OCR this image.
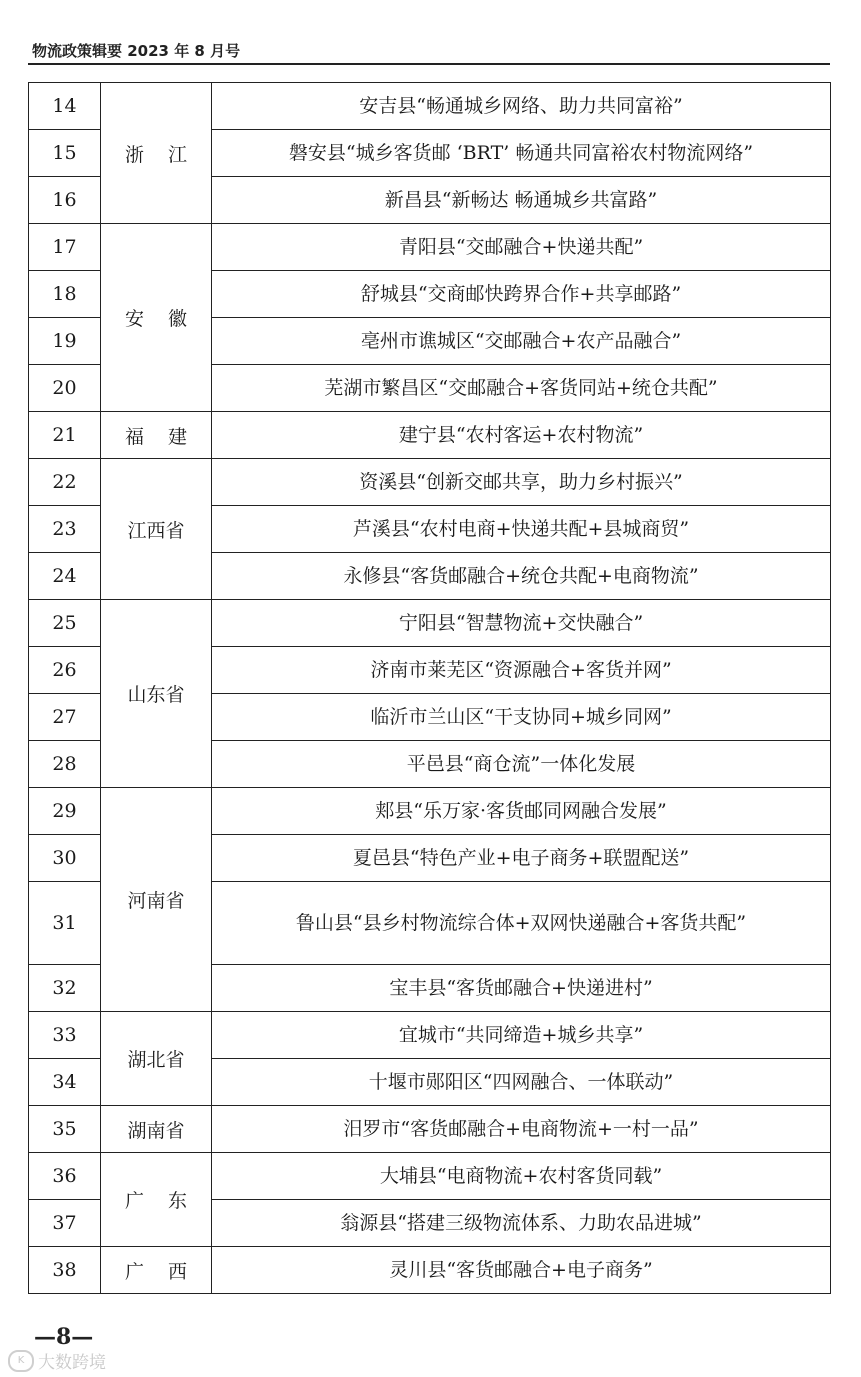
物流政策辑要 2023 年 8 月号
14	浙 江	安吉县“畅通城乡网络、助力共同富裕”
15		磐安县“城乡客货邮 ‘BRT’ 畅通共同富裕农村物流网络”
16		新昌县“新畅达 畅通城乡共富路”
17	安 徽	青阳县“交邮融合+快递共配”
18		舒城县“交商邮快跨界合作+共享邮路”
19		亳州市谯城区“交邮融合+农产品融合”
20		芜湖市繁昌区“交邮融合+客货同站+统仓共配”
21	福 建	建宁县“农村客运+农村物流”
22	江西省	资溪县“创新交邮共享，助力乡村振兴”
23		芦溪县“农村电商+快递共配+县城商贸”
24		永修县“客货邮融合+统仓共配+电商物流”
25	山东省	宁阳县“智慧物流+交快融合”
26		济南市莱芜区“资源融合+客货并网”
27		临沂市兰山区“干支协同+城乡同网”
28		平邑县“商仓流”一体化发展
29	河南省	郏县“乐万家·客货邮同网融合发展”
30		夏邑县“特色产业+电子商务+联盟配送”
31		鲁山县“县乡村物流综合体+双网快递融合+客货共配”
32		宝丰县“客货邮融合+快递进村”
33	湖北省	宜城市“共同缔造+城乡共享”
34		十堰市郧阳区“四网融合、一体联动”
35	湖南省	汨罗市“客货邮融合+电商物流+一村一品”
36	广 东	大埔县“电商物流+农村客货同载”
37		翁源县“搭建三级物流体系、力助农品进城”
38	广 西	灵川县“客货邮融合+电子商务”
—8—
K 大数跨境
